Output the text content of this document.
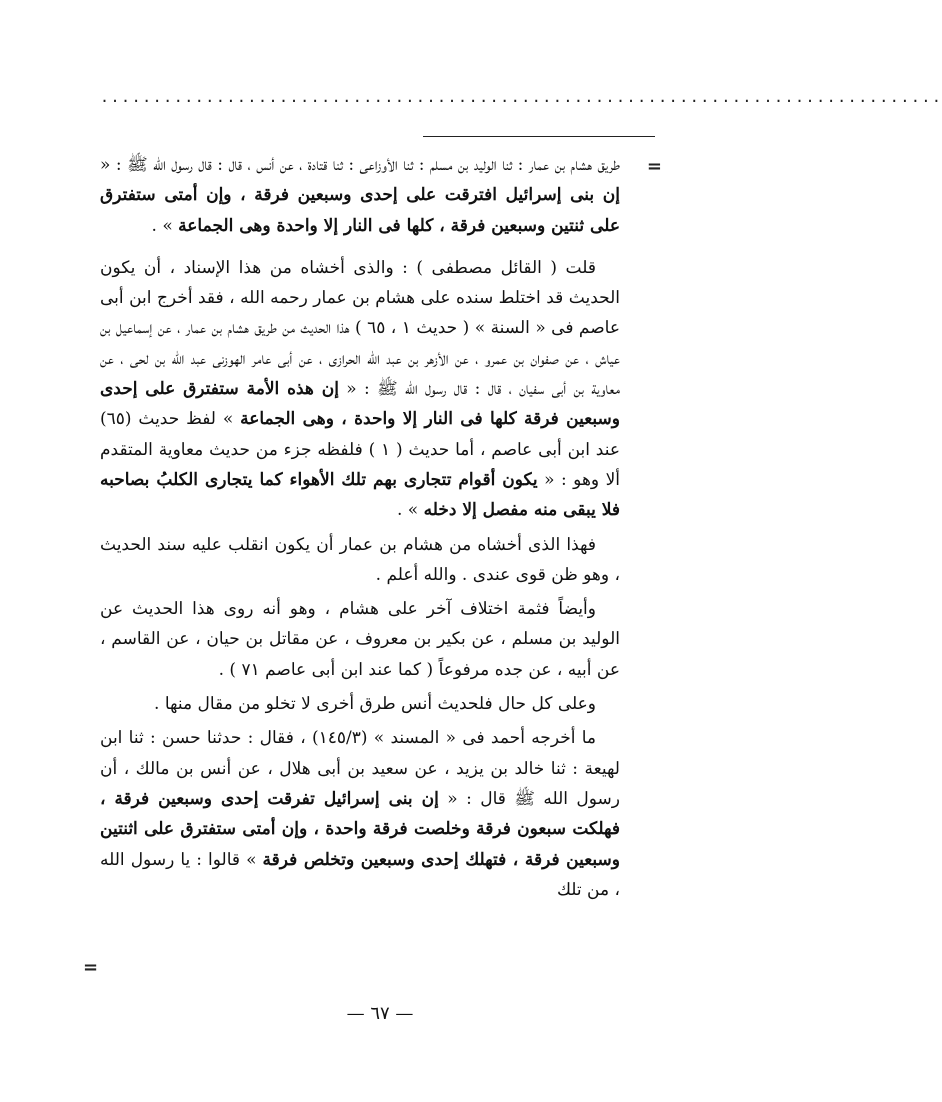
................................................................................
=

طريق هشام بن عمار : ثنا الوليد بن مسلم : ثنا الأوزاعى : ثنا قتادة ، عن أنس ، قال : قال رسول الله ﷺ : « إن بنى إسرائيل افترقت على إحدى وسبعين فرقة ، وإن أمتى ستفترق على ثنتين وسبعين فرقة ، كلها فى النار إلا واحدة وهى الجماعة » .

قلت ( القائل مصطفى ) : والذى أخشاه من هذا الإسناد ، أن يكون الحديث قد اختلط سنده على هشام بن عمار رحمه الله ، فقد أخرج ابن أبى عاصم فى « السنة » ( حديث ١ ، ٦٥ ) هذا الحديث من طريق هشام بن عمار ، عن إسماعيل بن عياش ، عن صفوان بن عمرو ، عن الأزهر بن عبد الله الحرازى ، عن أبى عامر الهوزنى عبد الله بن لحى ، عن معاوية بن أبى سفيان ، قال : قال رسول الله ﷺ : « إن هذه الأمة ستفترق على إحدى وسبعين فرقة كلها فى النار إلا واحدة ، وهى الجماعة » لفظ حديث (٦٥) عند ابن أبى عاصم ، أما حديث ( ١ ) فلفظه جزء من حديث معاوية المتقدم ألا وهو : « يكون أقوام تتجارى بهم تلك الأهواء كما يتجارى الكلبُ بصاحبه فلا يبقى منه مفصل إلا دخله » .

فهذا الذى أخشاه من هشام بن عمار أن يكون انقلب عليه سند الحديث ، وهو ظن قوى عندى . والله أعلم .

وأيضاً فثمة اختلاف آخر على هشام ، وهو أنه روى هذا الحديث عن الوليد بن مسلم ، عن بكير بن معروف ، عن مقاتل بن حيان ، عن القاسم ، عن أبيه ، عن جده مرفوعاً ( كما عند ابن أبى عاصم ٧١ ) .

وعلى كل حال فلحديث أنس طرق أخرى لا تخلو من مقال منها .

ما أخرجه أحمد فى « المسند » (١٤٥/٣) ، فقال : حدثنا حسن : ثنا ابن لهيعة : ثنا خالد بن يزيد ، عن سعيد بن أبى هلال ، عن أنس بن مالك ، أن رسول الله ﷺ قال : « إن بنى إسرائيل تفرقت إحدى وسبعين فرقة ، فهلكت سبعون فرقة وخلصت فرقة واحدة ، وإن أمتى ستفترق على اثنتين وسبعين فرقة ، فتهلك إحدى وسبعين وتخلص فرقة » قالوا : يا رسول الله ، من تلك

=
— ٦٧ —
